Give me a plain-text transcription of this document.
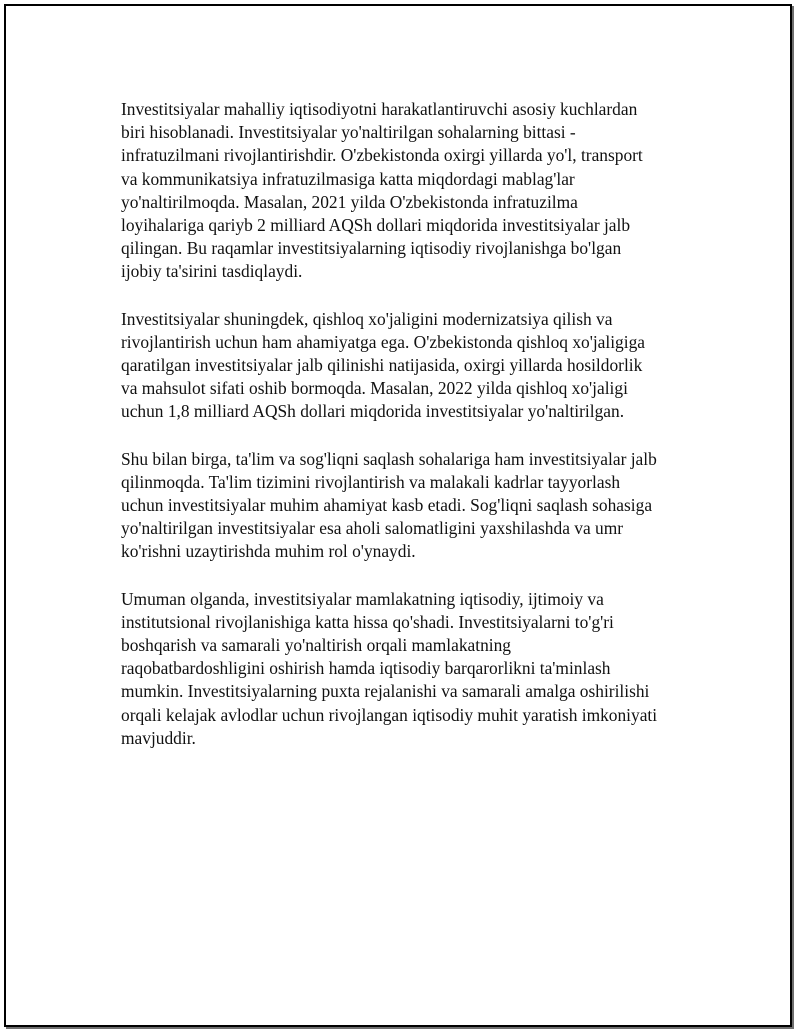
Investitsiyalar mahalliy iqtisodiyotni harakatlantiruvchi asosiy kuchlardan
biri hisoblanadi. Investitsiyalar yo'naltirilgan sohalarning bittasi -
infratuzilmani rivojlantirishdir. O'zbekistonda oxirgi yillarda yo'l, transport
va kommunikatsiya infratuzilmasiga katta miqdordagi mablag'lar
yo'naltirilmoqda. Masalan, 2021 yilda O'zbekistonda infratuzilma
loyihalariga qariyb 2 milliard AQSh dollari miqdorida investitsiyalar jalb
qilingan. Bu raqamlar investitsiyalarning iqtisodiy rivojlanishga bo'lgan
ijobiy ta'sirini tasdiqlaydi.

Investitsiyalar shuningdek, qishloq xo'jaligini modernizatsiya qilish va
rivojlantirish uchun ham ahamiyatga ega. O'zbekistonda qishloq xo'jaligiga
qaratilgan investitsiyalar jalb qilinishi natijasida, oxirgi yillarda hosildorlik
va mahsulot sifati oshib bormoqda. Masalan, 2022 yilda qishloq xo'jaligi
uchun 1,8 milliard AQSh dollari miqdorida investitsiyalar yo'naltirilgan.

Shu bilan birga, ta'lim va sog'liqni saqlash sohalariga ham investitsiyalar jalb
qilinmoqda. Ta'lim tizimini rivojlantirish va malakali kadrlar tayyorlash
uchun investitsiyalar muhim ahamiyat kasb etadi. Sog'liqni saqlash sohasiga
yo'naltirilgan investitsiyalar esa aholi salomatligini yaxshilashda va umr
ko'rishni uzaytirishda muhim rol o'ynaydi.

Umuman olganda, investitsiyalar mamlakatning iqtisodiy, ijtimoiy va
institutsional rivojlanishiga katta hissa qo'shadi. Investitsiyalarni to'g'ri
boshqarish va samarali yo'naltirish orqali mamlakatning
raqobatbardoshligini oshirish hamda iqtisodiy barqarorlikni ta'minlash
mumkin. Investitsiyalarning puxta rejalanishi va samarali amalga oshirilishi
orqali kelajak avlodlar uchun rivojlangan iqtisodiy muhit yaratish imkoniyati
mavjuddir.
